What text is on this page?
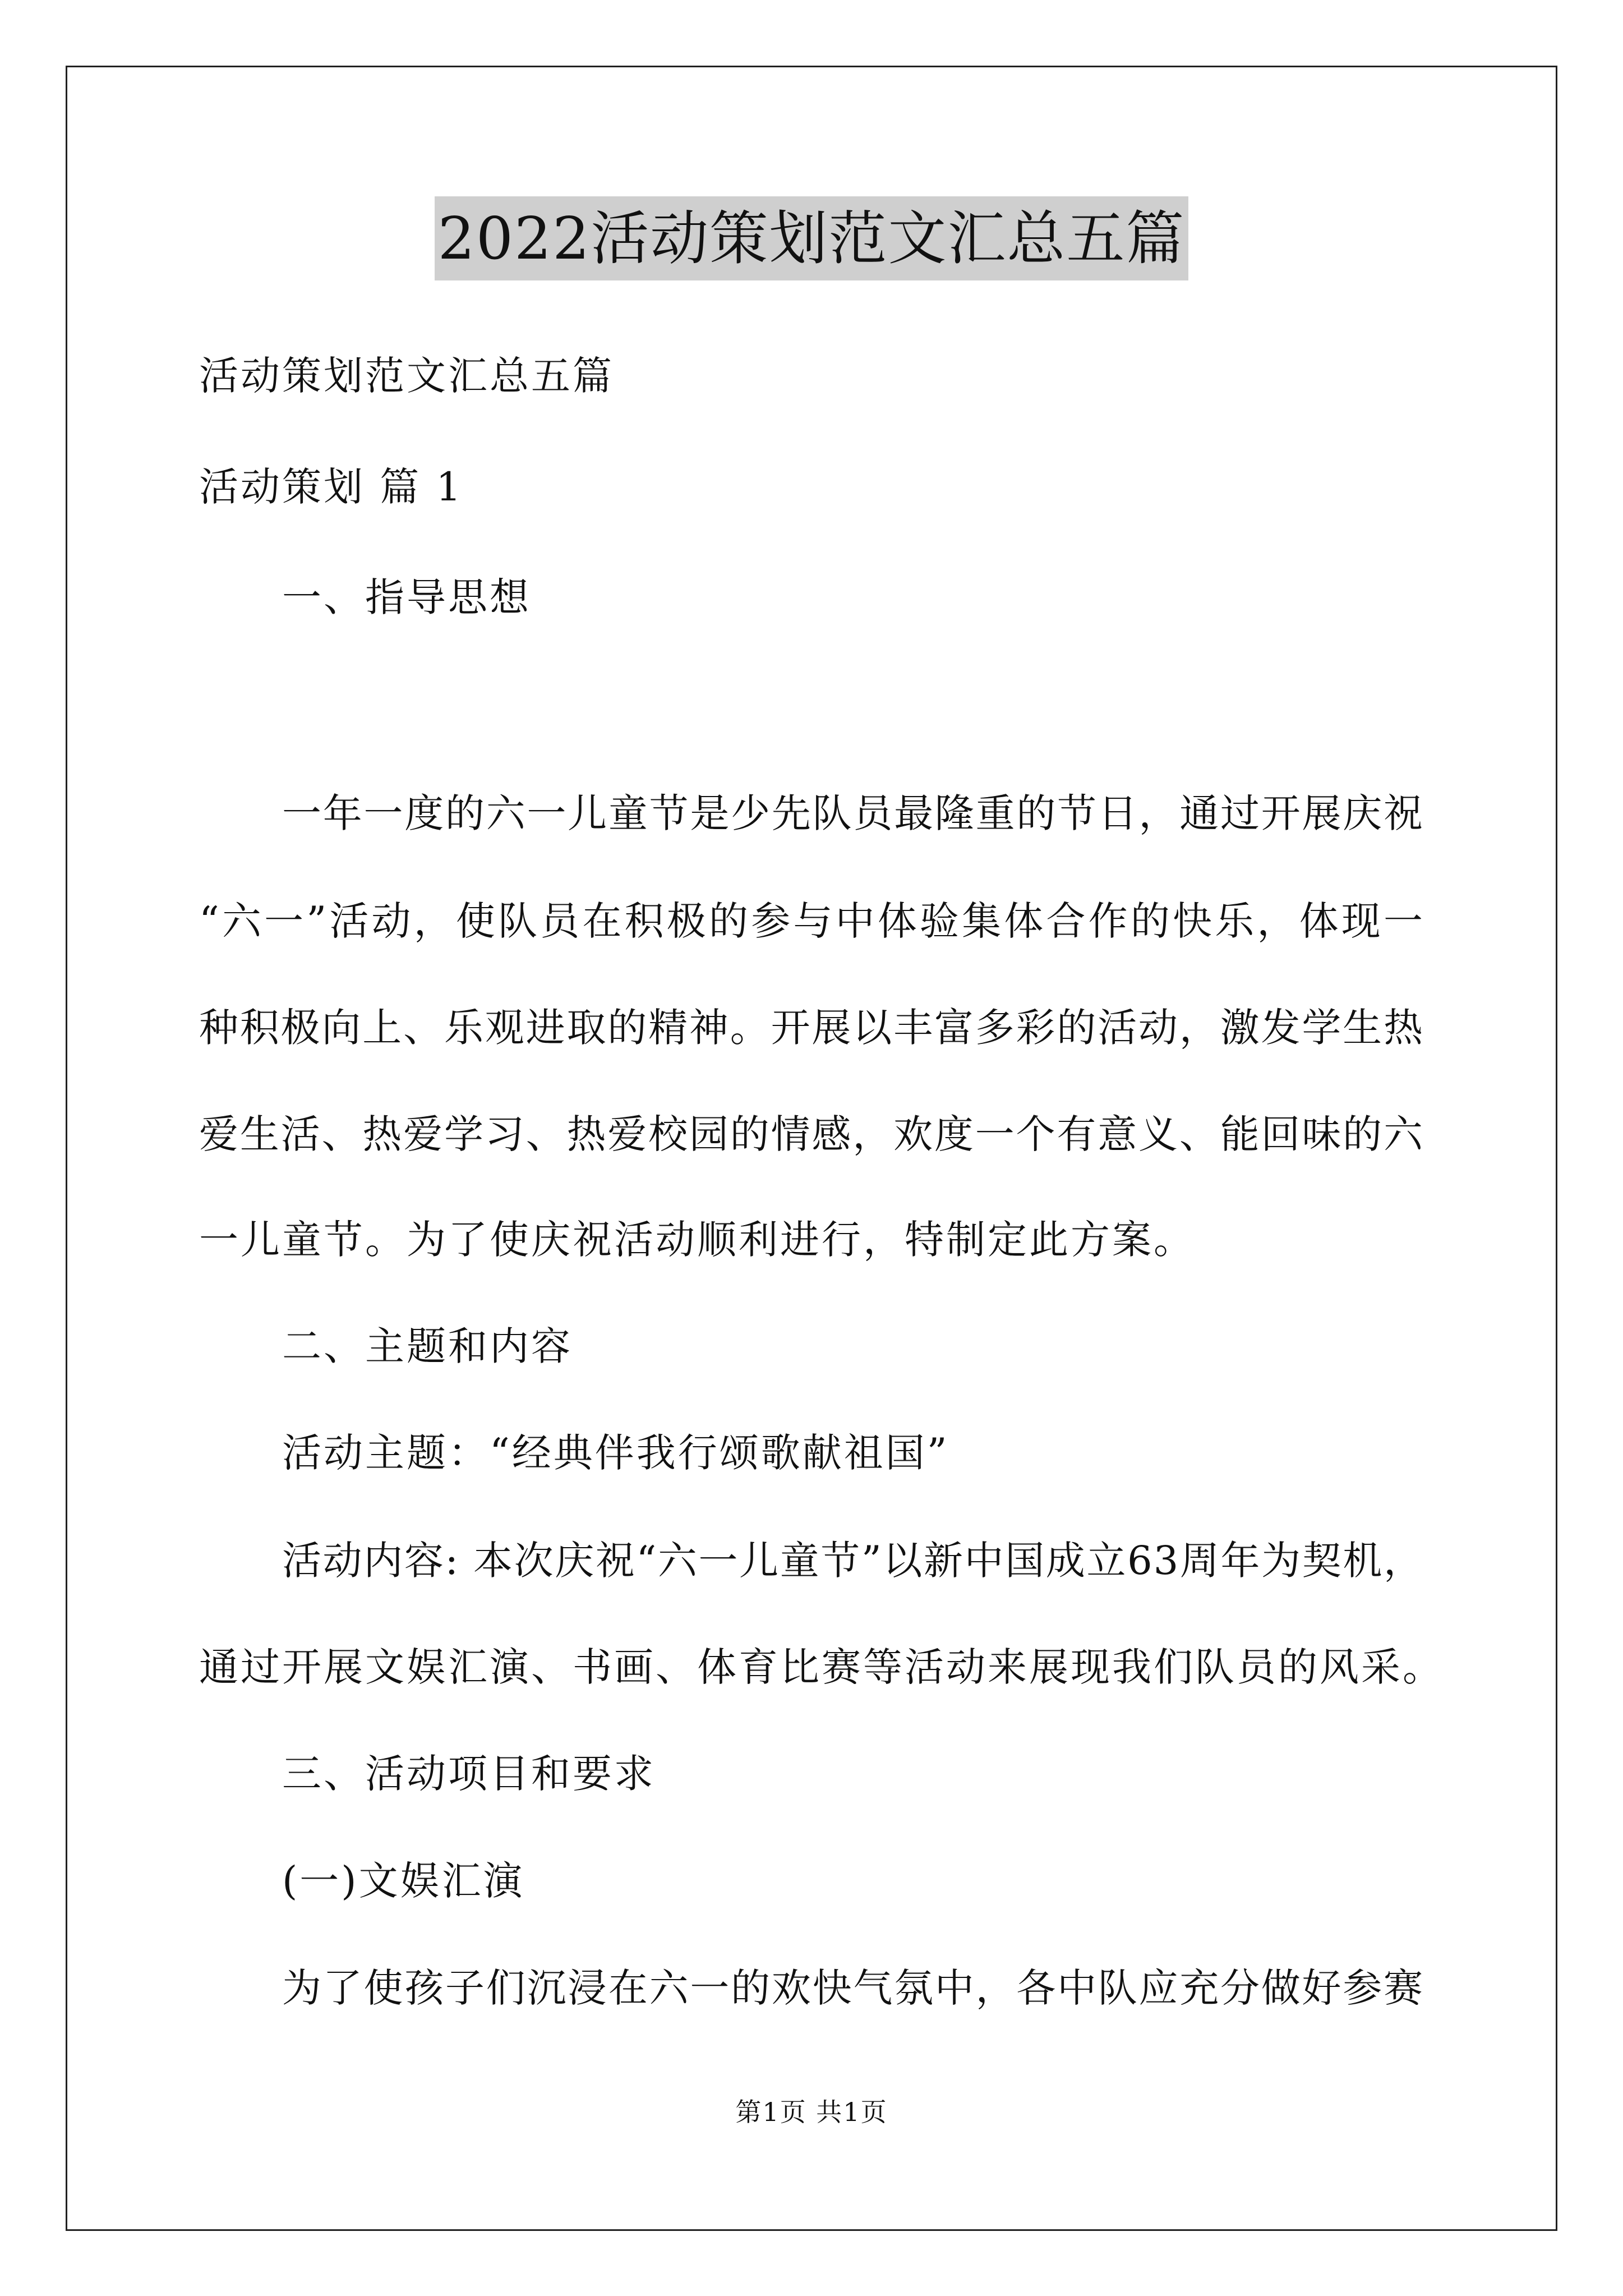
2022活动策划范文汇总五篇
活动策划范文汇总五篇
活动策划 篇 1
一、指导思想
一年一度的六一儿童节是少先队员最隆重的节日，通过开展庆祝
“六一”活动，使队员在积极的参与中体验集体合作的快乐，体现一
种积极向上、乐观进取的精神。开展以丰富多彩的活动，激发学生热
爱生活、热爱学习、热爱校园的情感，欢度一个有意义、能回味的六
一儿童节。为了使庆祝活动顺利进行，特制定此方案。
二、主题和内容
活动主题：“经典伴我行颂歌献祖国”
活动内容: 本次庆祝“六一儿童节”以新中国成立63周年为契机，
通过开展文娱汇演、书画、体育比赛等活动来展现我们队员的风采。
三、活动项目和要求
(一)文娱汇演
为了使孩子们沉浸在六一的欢快气氛中，各中队应充分做好参赛
第1页 共1页
